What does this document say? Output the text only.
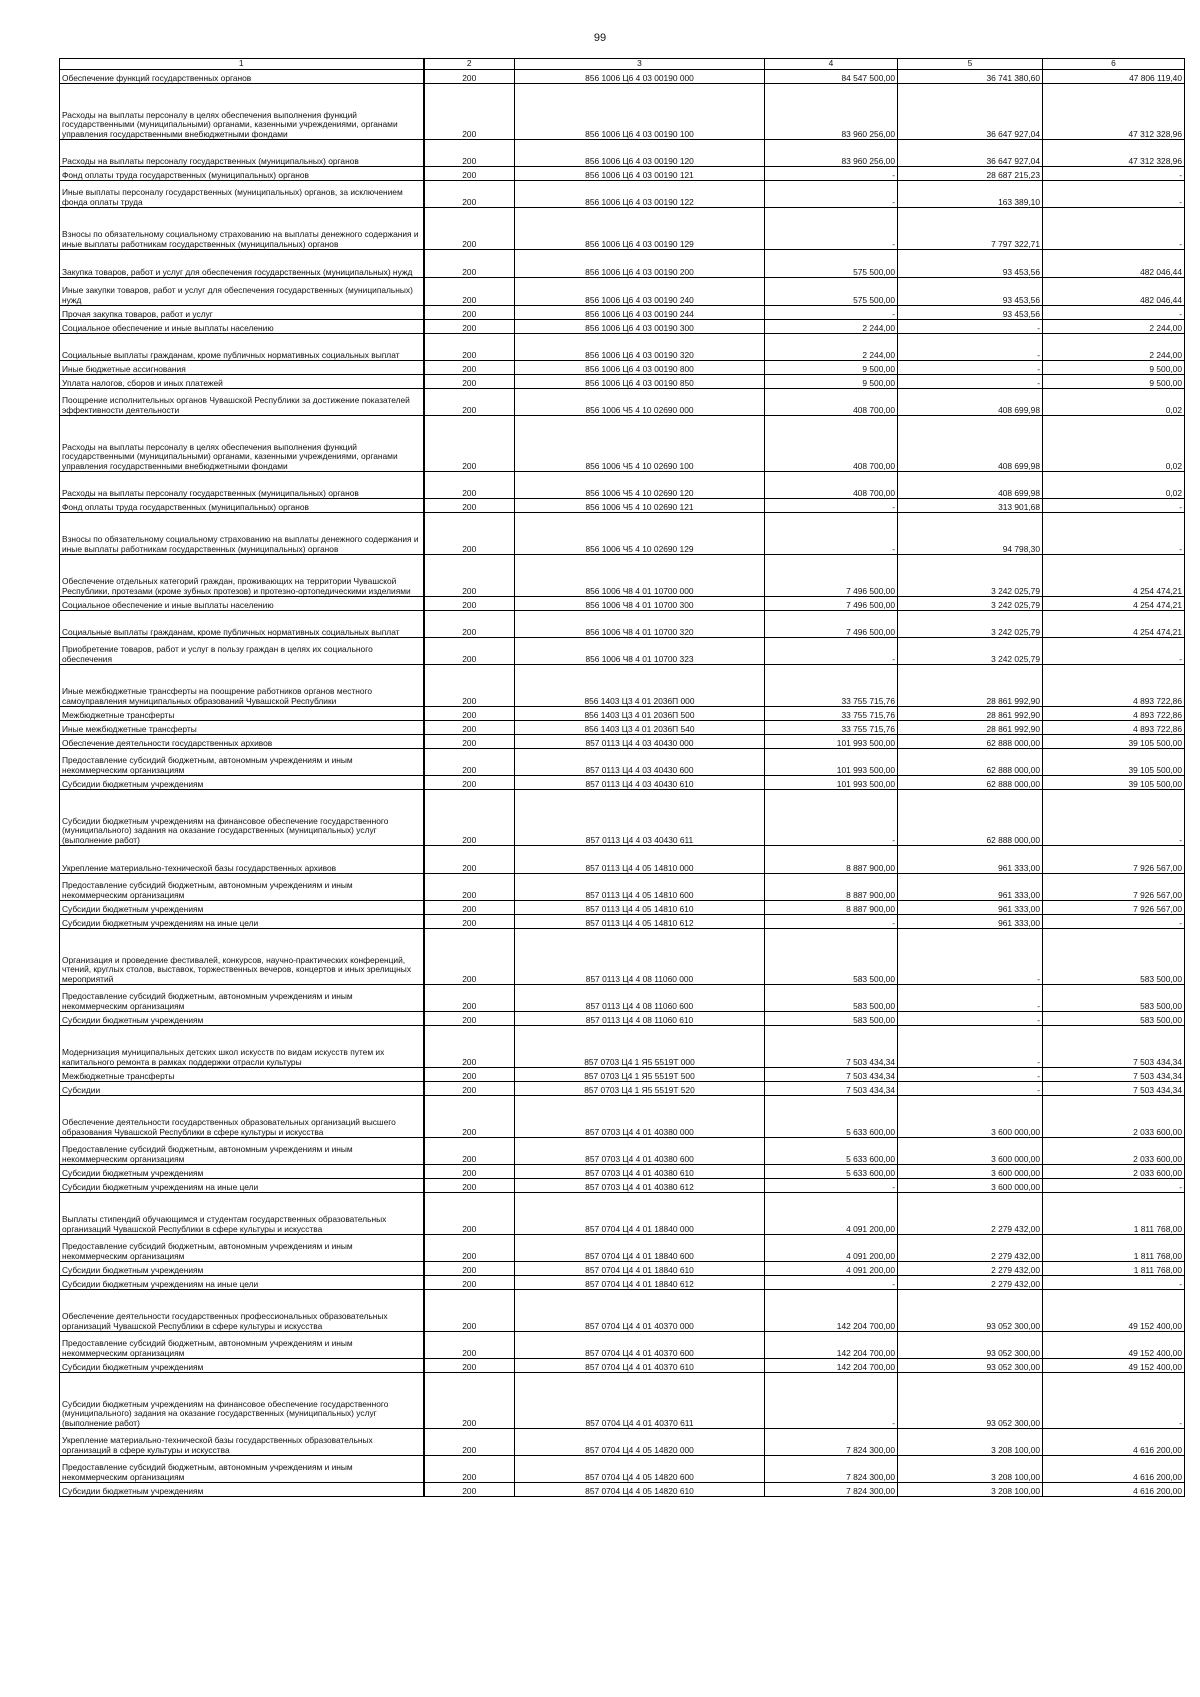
99
1	2	3	4	5	6
Обеспечение функций государственных органов	200	856 1006 Ц6 4 03 00190 000	84 547 500,00	36 741 380,60	47 806 119,40
Расходы на выплаты персоналу в целях обеспечения выполнения функций государственными (муниципальными) органами, казенными учреждениями, органами управления государственными внебюджетными фондами	200	856 1006 Ц6 4 03 00190 100	83 960 256,00	36 647 927,04	47 312 328,96
Расходы на выплаты персоналу государственных (муниципальных) органов	200	856 1006 Ц6 4 03 00190 120	83 960 256,00	36 647 927,04	47 312 328,96
Фонд оплаты труда государственных (муниципальных) органов	200	856 1006 Ц6 4 03 00190 121	-	28 687 215,23	-
Иные выплаты персоналу государственных (муниципальных) органов, за исключением фонда оплаты труда	200	856 1006 Ц6 4 03 00190 122	-	163 389,10	-
Взносы по обязательному социальному страхованию на выплаты денежного содержания и иные выплаты работникам государственных (муниципальных) органов	200	856 1006 Ц6 4 03 00190 129	-	7 797 322,71	-
Закупка товаров, работ и услуг для обеспечения государственных (муниципальных) нужд	200	856 1006 Ц6 4 03 00190 200	575 500,00	93 453,56	482 046,44
Иные закупки товаров, работ и услуг для обеспечения государственных (муниципальных) нужд	200	856 1006 Ц6 4 03 00190 240	575 500,00	93 453,56	482 046,44
Прочая закупка товаров, работ и услуг	200	856 1006 Ц6 4 03 00190 244	-	93 453,56	-
Социальное обеспечение и иные выплаты населению	200	856 1006 Ц6 4 03 00190 300	2 244,00	-	2 244,00
Социальные выплаты гражданам, кроме публичных нормативных социальных выплат	200	856 1006 Ц6 4 03 00190 320	2 244,00	-	2 244,00
Иные бюджетные ассигнования	200	856 1006 Ц6 4 03 00190 800	9 500,00	-	9 500,00
Уплата налогов, сборов и иных платежей	200	856 1006 Ц6 4 03 00190 850	9 500,00	-	9 500,00
Поощрение исполнительных органов Чувашской Республики за достижение показателей эффективности деятельности	200	856 1006 Ч5 4 10 02690 000	408 700,00	408 699,98	0,02
Расходы на выплаты персоналу в целях обеспечения выполнения функций государственными (муниципальными) органами, казенными учреждениями, органами управления государственными внебюджетными фондами	200	856 1006 Ч5 4 10 02690 100	408 700,00	408 699,98	0,02
Расходы на выплаты персоналу государственных (муниципальных) органов	200	856 1006 Ч5 4 10 02690 120	408 700,00	408 699,98	0,02
Фонд оплаты труда государственных (муниципальных) органов	200	856 1006 Ч5 4 10 02690 121	-	313 901,68	-
Взносы по обязательному социальному страхованию на выплаты денежного содержания и иные выплаты работникам государственных (муниципальных) органов	200	856 1006 Ч5 4 10 02690 129	-	94 798,30	-
Обеспечение отдельных категорий граждан, проживающих на территории Чувашской Республики, протезами (кроме зубных протезов) и протезно-ортопедическими изделиями	200	856 1006 Ч8 4 01 10700 000	7 496 500,00	3 242 025,79	4 254 474,21
Социальное обеспечение и иные выплаты населению	200	856 1006 Ч8 4 01 10700 300	7 496 500,00	3 242 025,79	4 254 474,21
Социальные выплаты гражданам, кроме публичных нормативных социальных выплат	200	856 1006 Ч8 4 01 10700 320	7 496 500,00	3 242 025,79	4 254 474,21
Приобретение товаров, работ и услуг в пользу граждан в целях их социального обеспечения	200	856 1006 Ч8 4 01 10700 323	-	3 242 025,79	-
Иные межбюджетные трансферты на поощрение работников органов местного самоуправления муниципальных образований Чувашской Республики	200	856 1403 Ц3 4 01 2036П 000	33 755 715,76	28 861 992,90	4 893 722,86
Межбюджетные трансферты	200	856 1403 Ц3 4 01 2036П 500	33 755 715,76	28 861 992,90	4 893 722,86
Иные межбюджетные трансферты	200	856 1403 Ц3 4 01 2036П 540	33 755 715,76	28 861 992,90	4 893 722,86
Обеспечение деятельности государственных архивов	200	857 0113 Ц4 4 03 40430 000	101 993 500,00	62 888 000,00	39 105 500,00
Предоставление субсидий бюджетным, автономным учреждениям и иным некоммерческим организациям	200	857 0113 Ц4 4 03 40430 600	101 993 500,00	62 888 000,00	39 105 500,00
Субсидии бюджетным учреждениям	200	857 0113 Ц4 4 03 40430 610	101 993 500,00	62 888 000,00	39 105 500,00
Субсидии бюджетным учреждениям на финансовое обеспечение государственного (муниципального) задания на оказание государственных (муниципальных) услуг (выполнение работ)	200	857 0113 Ц4 4 03 40430 611	-	62 888 000,00	-
Укрепление материально-технической базы государственных архивов	200	857 0113 Ц4 4 05 14810 000	8 887 900,00	961 333,00	7 926 567,00
Предоставление субсидий бюджетным, автономным учреждениям и иным некоммерческим организациям	200	857 0113 Ц4 4 05 14810 600	8 887 900,00	961 333,00	7 926 567,00
Субсидии бюджетным учреждениям	200	857 0113 Ц4 4 05 14810 610	8 887 900,00	961 333,00	7 926 567,00
Субсидии бюджетным учреждениям на иные цели	200	857 0113 Ц4 4 05 14810 612	-	961 333,00	-
Организация и проведение фестивалей, конкурсов, научно-практических конференций, чтений, круглых столов, выставок, торжественных вечеров, концертов и иных зрелищных мероприятий	200	857 0113 Ц4 4 08 11060 000	583 500,00	-	583 500,00
Предоставление субсидий бюджетным, автономным учреждениям и иным некоммерческим организациям	200	857 0113 Ц4 4 08 11060 600	583 500,00	-	583 500,00
Субсидии бюджетным учреждениям	200	857 0113 Ц4 4 08 11060 610	583 500,00	-	583 500,00
Модернизация муниципальных детских школ искусств по видам искусств путем их капитального ремонта в рамках поддержки отрасли культуры	200	857 0703 Ц4 1 Я5 5519Т 000	7 503 434,34	-	7 503 434,34
Межбюджетные трансферты	200	857 0703 Ц4 1 Я5 5519Т 500	7 503 434,34	-	7 503 434,34
Субсидии	200	857 0703 Ц4 1 Я5 5519Т 520	7 503 434,34	-	7 503 434,34
Обеспечение деятельности государственных образовательных организаций высшего образования Чувашской Республики в сфере культуры и искусства	200	857 0703 Ц4 4 01 40380 000	5 633 600,00	3 600 000,00	2 033 600,00
Предоставление субсидий бюджетным, автономным учреждениям и иным некоммерческим организациям	200	857 0703 Ц4 4 01 40380 600	5 633 600,00	3 600 000,00	2 033 600,00
Субсидии бюджетным учреждениям	200	857 0703 Ц4 4 01 40380 610	5 633 600,00	3 600 000,00	2 033 600,00
Субсидии бюджетным учреждениям на иные цели	200	857 0703 Ц4 4 01 40380 612	-	3 600 000,00	-
Выплаты стипендий обучающимся и студентам государственных образовательных организаций Чувашской Республики в сфере культуры и искусства	200	857 0704 Ц4 4 01 18840 000	4 091 200,00	2 279 432,00	1 811 768,00
Предоставление субсидий бюджетным, автономным учреждениям и иным некоммерческим организациям	200	857 0704 Ц4 4 01 18840 600	4 091 200,00	2 279 432,00	1 811 768,00
Субсидии бюджетным учреждениям	200	857 0704 Ц4 4 01 18840 610	4 091 200,00	2 279 432,00	1 811 768,00
Субсидии бюджетным учреждениям на иные цели	200	857 0704 Ц4 4 01 18840 612	-	2 279 432,00	-
Обеспечение деятельности государственных профессиональных образовательных организаций Чувашской Республики в сфере культуры и искусства	200	857 0704 Ц4 4 01 40370 000	142 204 700,00	93 052 300,00	49 152 400,00
Предоставление субсидий бюджетным, автономным учреждениям и иным некоммерческим организациям	200	857 0704 Ц4 4 01 40370 600	142 204 700,00	93 052 300,00	49 152 400,00
Субсидии бюджетным учреждениям	200	857 0704 Ц4 4 01 40370 610	142 204 700,00	93 052 300,00	49 152 400,00
Субсидии бюджетным учреждениям на финансовое обеспечение государственного (муниципального) задания на оказание государственных (муниципальных) услуг (выполнение работ)	200	857 0704 Ц4 4 01 40370 611	-	93 052 300,00	-
Укрепление материально-технической базы государственных образовательных организаций в сфере культуры и искусства	200	857 0704 Ц4 4 05 14820 000	7 824 300,00	3 208 100,00	4 616 200,00
Предоставление субсидий бюджетным, автономным учреждениям и иным некоммерческим организациям	200	857 0704 Ц4 4 05 14820 600	7 824 300,00	3 208 100,00	4 616 200,00
Субсидии бюджетным учреждениям	200	857 0704 Ц4 4 05 14820 610	7 824 300,00	3 208 100,00	4 616 200,00
